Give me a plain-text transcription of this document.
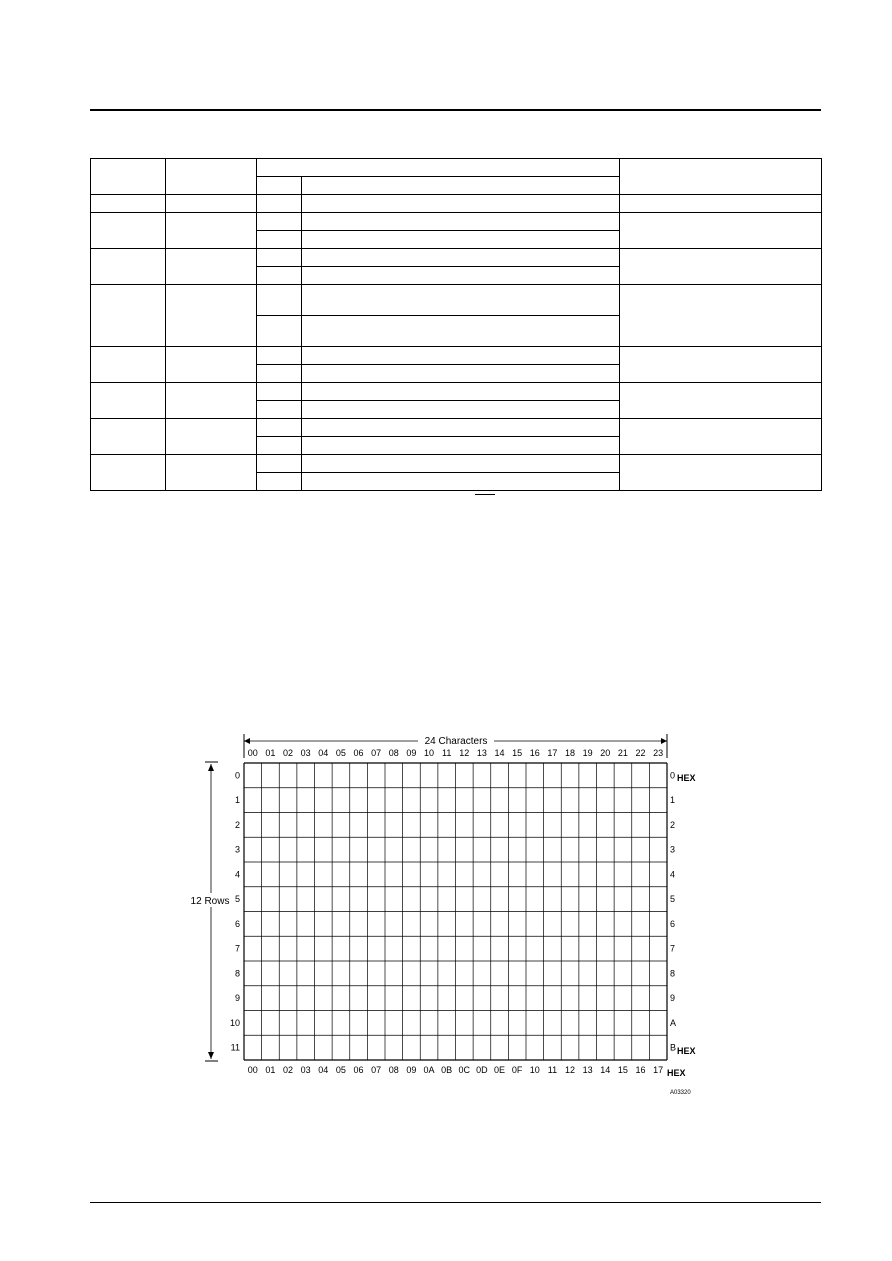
24 Characters
12 Rows
00 01 02 03 04 05 06 07 08 09 10 11 12 13 14 15 16 17 18 19 20 21 22 23
00 01 02 03 04 05 06 07 08 09 0A 0B 0C 0D 0E 0F 10 11 12 13 14 15 16 17
0
1
2
3
4
5
6
7
8
9
10
11
0
1
2
3
4
5
6
7
8
9
A
B
HEX
HEX
HEX
A03320
